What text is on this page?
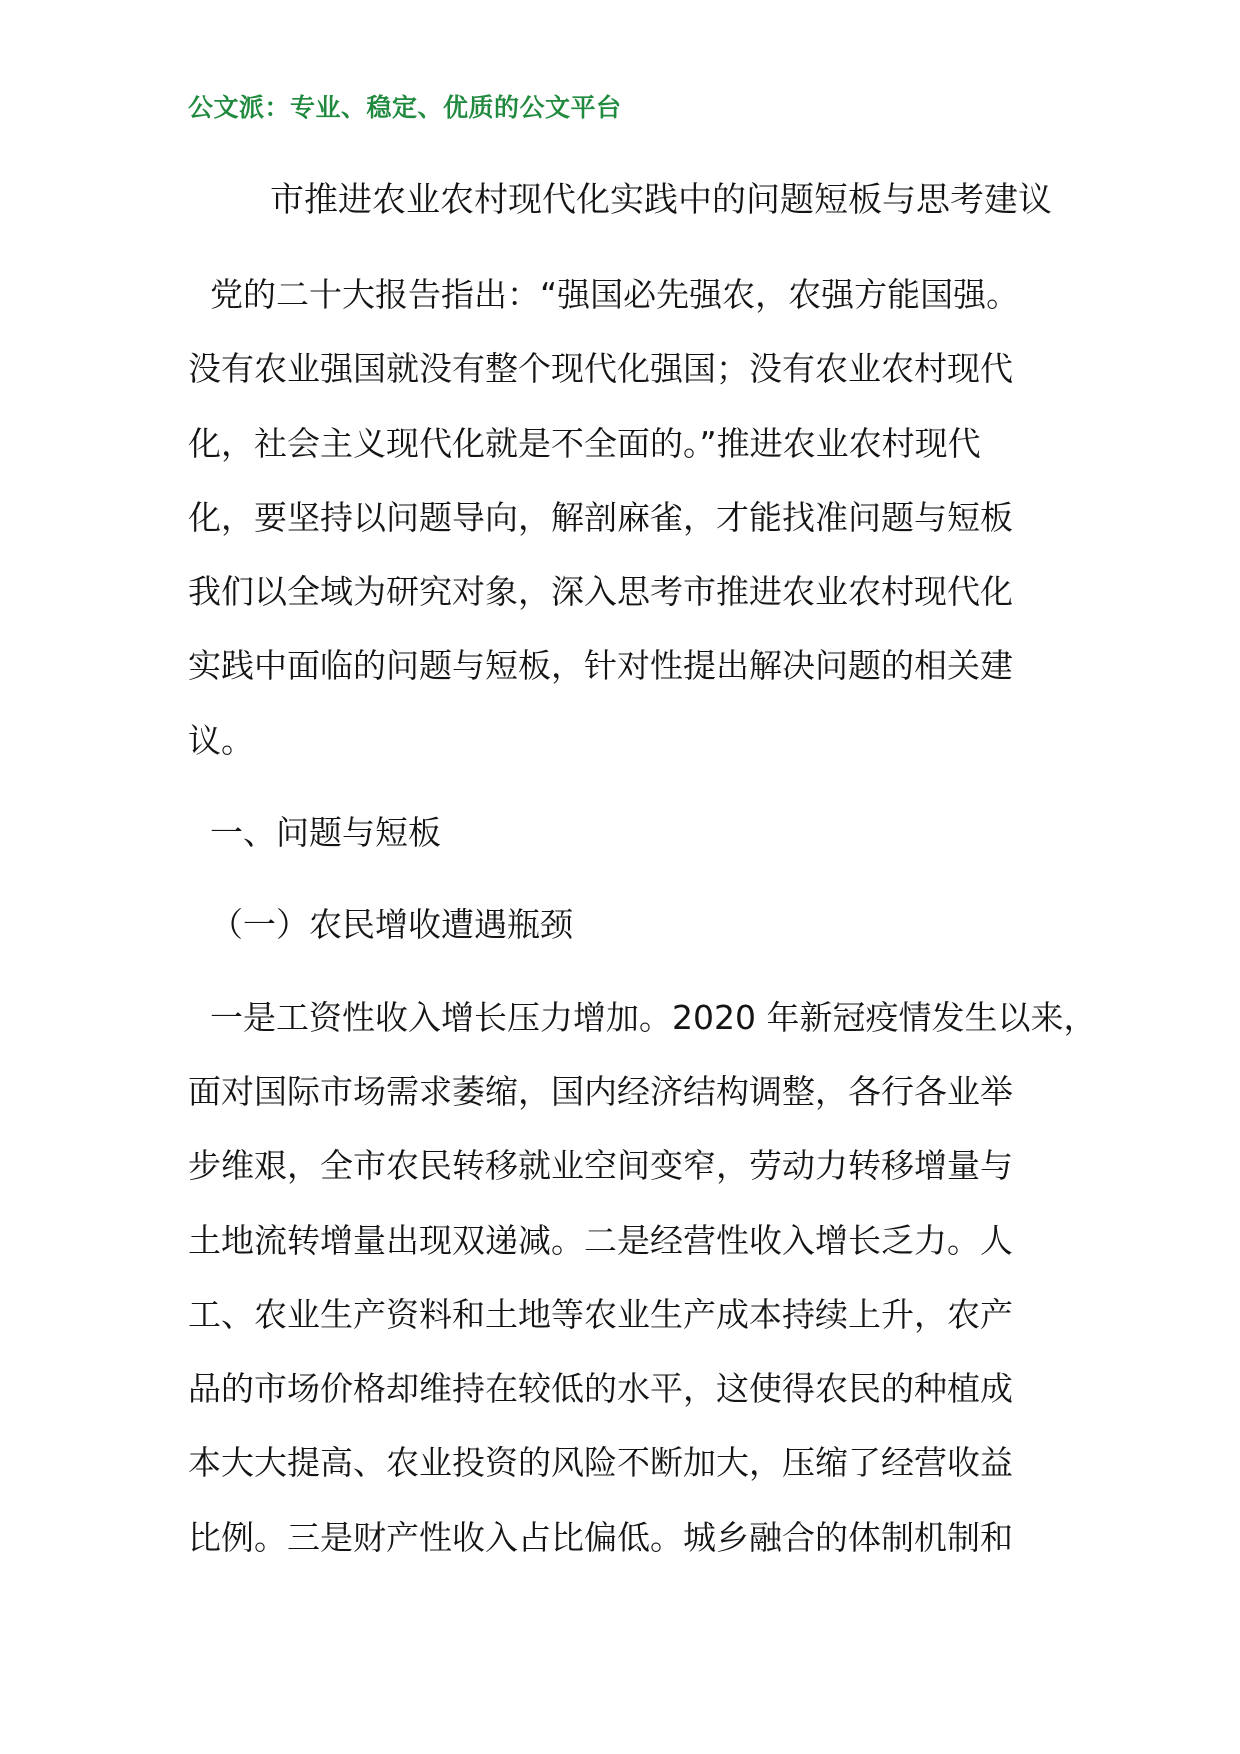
公文派：专业、稳定、优质的公文平台
市推进农业农村现代化实践中的问题短板与思考建议
党的二十大报告指出：“强国必先强农，农强方能国强。
没有农业强国就没有整个现代化强国；没有农业农村现代
化，社会主义现代化就是不全面的。”推进农业农村现代
化，要坚持以问题导向，解剖麻雀，才能找准问题与短板
我们以全域为研究对象，深入思考市推进农业农村现代化
实践中面临的问题与短板，针对性提出解决问题的相关建
议。
一、问题与短板
（一）农民增收遭遇瓶颈
一是工资性收入增长压力增加。2020 年新冠疫情发生以来，
面对国际市场需求萎缩，国内经济结构调整，各行各业举
步维艰，全市农民转移就业空间变窄，劳动力转移增量与
土地流转增量出现双递减。二是经营性收入增长乏力。人
工、农业生产资料和土地等农业生产成本持续上升，农产
品的市场价格却维持在较低的水平，这使得农民的种植成
本大大提高、农业投资的风险不断加大，压缩了经营收益
比例。三是财产性收入占比偏低。城乡融合的体制机制和
